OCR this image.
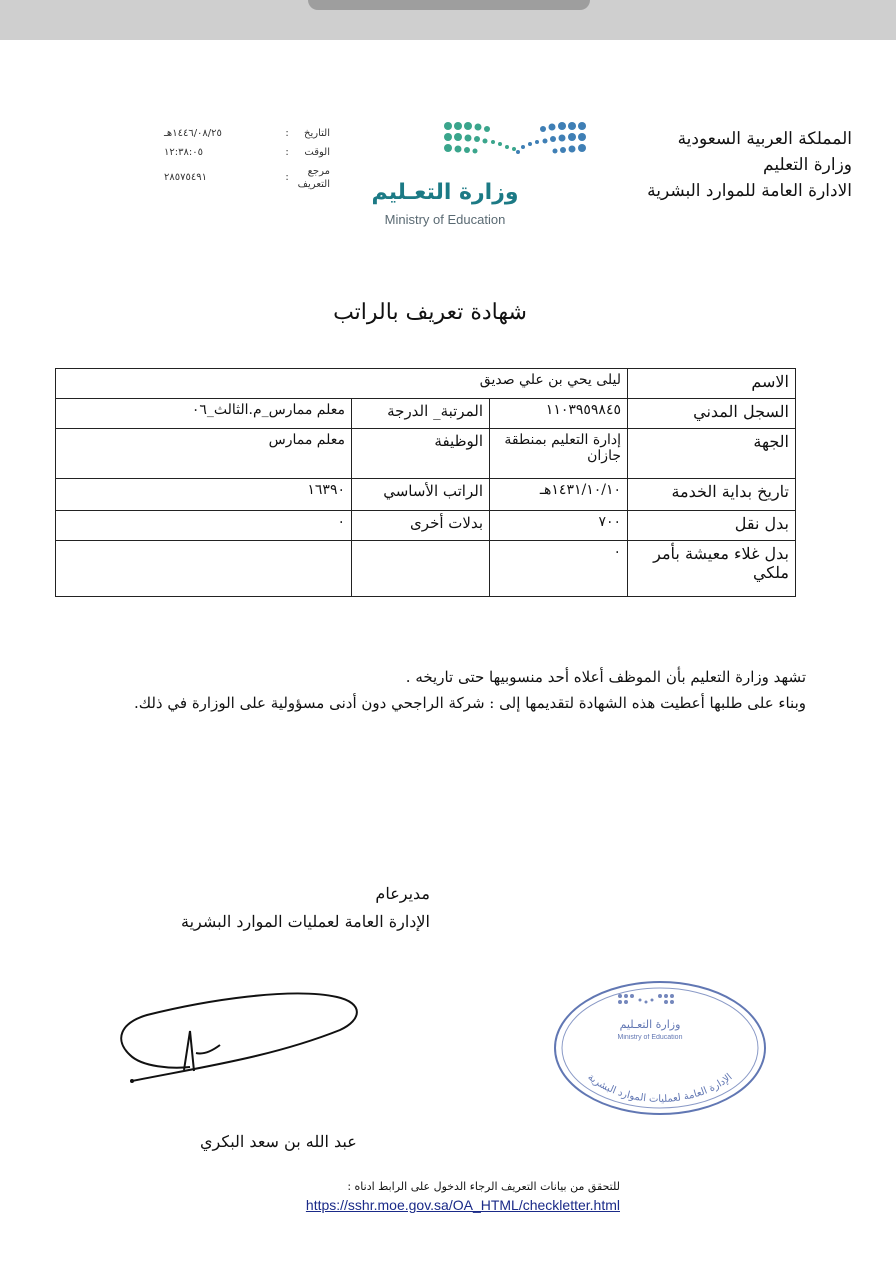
المملكة العربية السعودية
وزارة التعليم
الادارة العامة للموارد البشرية
وزارة التعـليم
Ministry of Education
التاريخ
:
١٤٤٦/٠٨/٢٥هـ
الوقت
:
١٢:٣٨:٠٥
مرجع
التعريف
:
٢٨٥٧٥٤٩١
شهادة تعريف بالراتب
الاسم	ليلى يحي بن علي صديق		
السجل المدني	١١٠٣٩٥٩٨٤٥	المرتبة_ الدرجة	معلم ممارس_م.الثالث_٠٦
الجهة	إدارة التعليم بمنطقة جازان	الوظيفة	معلم ممارس
تاريخ بداية الخدمة	١٤٣١/١٠/١٠هـ	الراتب الأساسي	١٦٣٩٠
بدل نقل	٧٠٠	بدلات أخرى	٠
بدل غلاء معيشة بأمر ملكي	٠		

تشهد وزارة التعليم بأن الموظف أعلاه أحد منسوبيها حتى تاريخه .

وبناء على طلبها أعطيت هذه الشهادة لتقديمها إلى : شركة الراجحي دون أدنى مسؤولية على الوزارة في ذلك.

مديرعام
الإدارة العامة لعمليات الموارد البشرية
الإدارة العامة لعمليات الموارد البشرية
وزارة التعـليم
Ministry of Education
عبد الله بن سعد البكري
للتحقق من بيانات التعريف الرجاء الدخول على الرابط ادناه :
https://sshr.moe.gov.sa/OA_HTML/checkletter.html
